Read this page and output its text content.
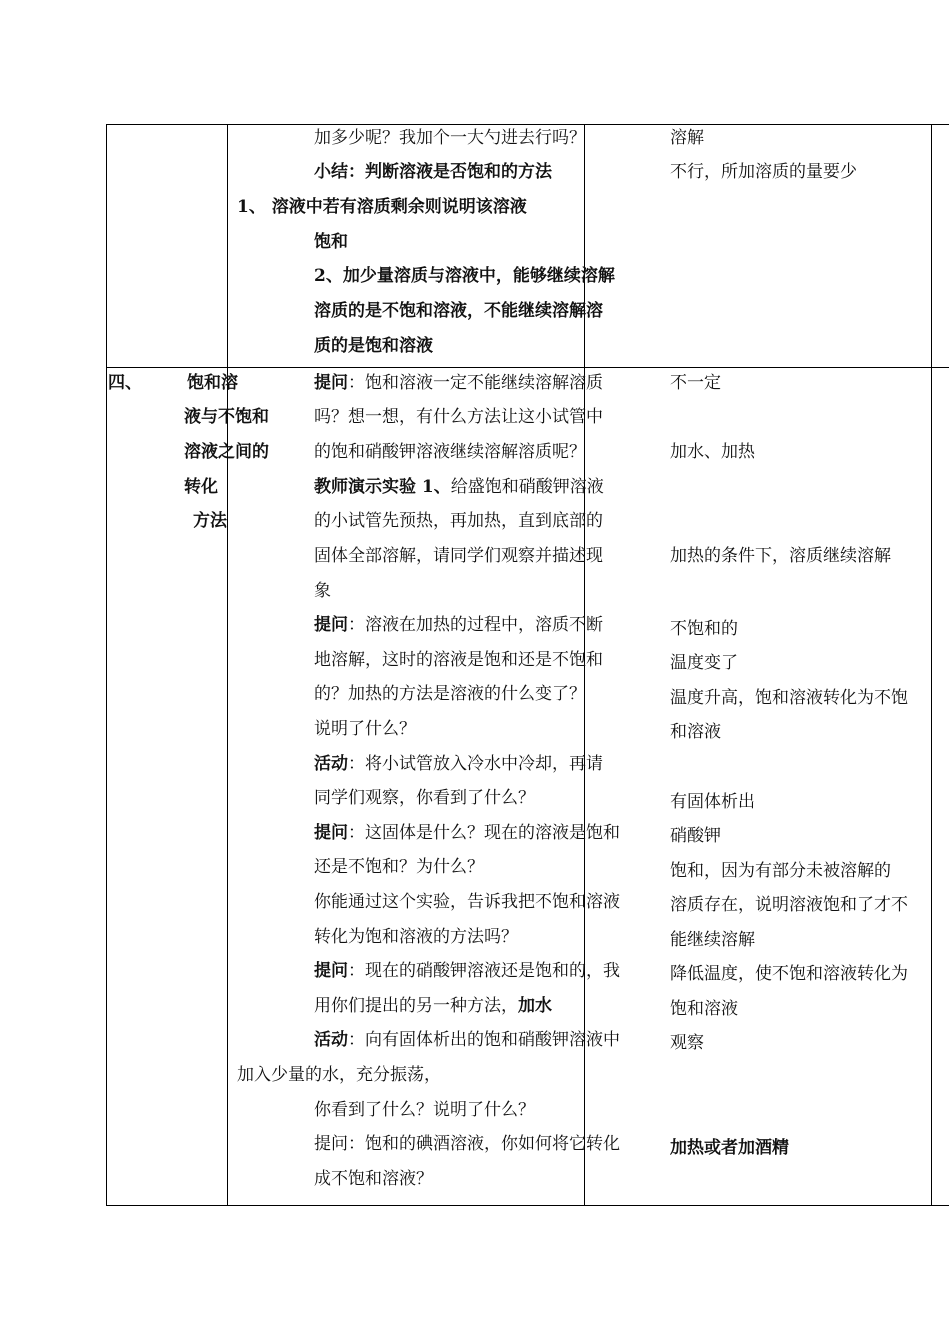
加多少呢？我加个一大勺进去行吗？
小结：判断溶液是否饱和的方法
1、 溶液中若有溶质剩余则说明该溶液
饱和
2、加少量溶质与溶液中，能够继续溶解
溶质的是不饱和溶液，不能继续溶解溶
质的是饱和溶液
溶解
不行，所加溶质的量要少
四、	饱和溶
液与不饱和
溶液之间的
转化
方法
提问：饱和溶液一定不能继续溶解溶质
吗？想一想，有什么方法让这小试管中
的饱和硝酸钾溶液继续溶解溶质呢？
教师演示实验 1、给盛饱和硝酸钾溶液
的小试管先预热，再加热，直到底部的
固体全部溶解，请同学们观察并描述现
象
提问：溶液在加热的过程中，溶质不断
地溶解，这时的溶液是饱和还是不饱和
的？加热的方法是溶液的什么变了？
说明了什么？
活动：将小试管放入冷水中冷却，再请
同学们观察，你看到了什么？
提问：这固体是什么？现在的溶液是饱和
还是不饱和？为什么？
你能通过这个实验，告诉我把不饱和溶液
转化为饱和溶液的方法吗？
提问：现在的硝酸钾溶液还是饱和的，我
用你们提出的另一种方法，加水
活动：向有固体析出的饱和硝酸钾溶液中
加入少量的水，充分振荡，
你看到了什么？说明了什么？
提问：饱和的碘酒溶液，你如何将它转化
成不饱和溶液？
不一定
加水、加热
加热的条件下，溶质继续溶解
不饱和的
温度变了
温度升高，饱和溶液转化为不饱
和溶液
有固体析出
硝酸钾
饱和，因为有部分未被溶解的
溶质存在，说明溶液饱和了才不
能继续溶解
降低温度，使不饱和溶液转化为
饱和溶液
观察
加热或者加酒精
